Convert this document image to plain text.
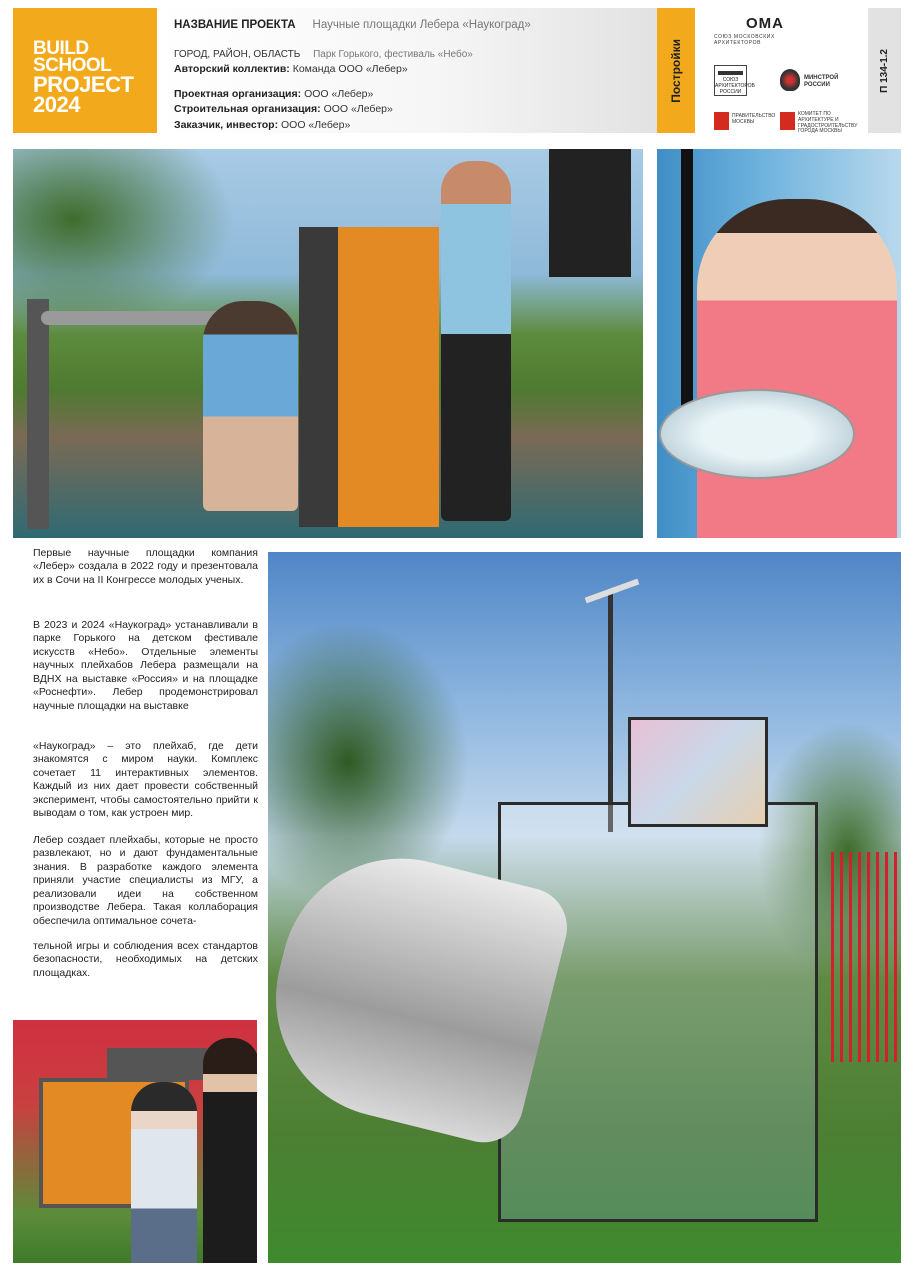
BUILD
SCHOOL
PROJECT
2024
НАЗВАНИЕ ПРОЕКТА Научные площадки Лебера «Наукоград»
ГОРОД, РАЙОН, ОБЛАСТЬ Парк Горького, фестиваль «Небо»
Авторский коллектив: Команда ООО «Лебер»
Проектная организация: ООО «Лебер»
Строительная организация: ООО «Лебер»
Заказчик, инвестор: ООО «Лебер»
Постройки
ОМА
СОЮЗ МОСКОВСКИХ АРХИТЕКТОРОВ
СОЮЗ АРХИТЕКТОРОВ РОССИИ
МИНСТРОЙ РОССИИ
ПРАВИТЕЛЬСТВО МОСКВЫ
КОМИТЕТ ПО АРХИТЕКТУРЕ И ГРАДОСТРОИТЕЛЬСТВУ ГОРОДА МОСКВЫ
П 134-1.2

Первые научные площадки компания «Лебер» создала в 2022 году и презентовала их в Сочи на II Конгрессе молодых ученых.

В 2023 и 2024 «Наукоград» устанавливали в парке Горького на детском фестивале искусств «Небо». Отдельные элементы научных плейхабов Лебера размещали на ВДНХ на выставке «Россия» и на площадке «Роснефти». Лебер продемонстрировал научные площадки на выставке

«Наукоград» – это плейхаб, где дети знакомятся с миром науки. Комплекс сочетает 11 интерактивных элементов. Каждый из них дает провести собственный эксперимент, чтобы самостоятельно прийти к выводам о том, как устроен мир.

Лебер создает плейхабы, которые не просто развлекают, но и дают фундаментальные знания. В разработке каждого элемента приняли участие специалисты из МГУ, а реализовали идеи на собственном производстве Лебера. Такая коллаборация обеспечила оптимальное сочета-

тельной игры и соблюдения всех стандартов безопасности, необходимых на детских площадках.
